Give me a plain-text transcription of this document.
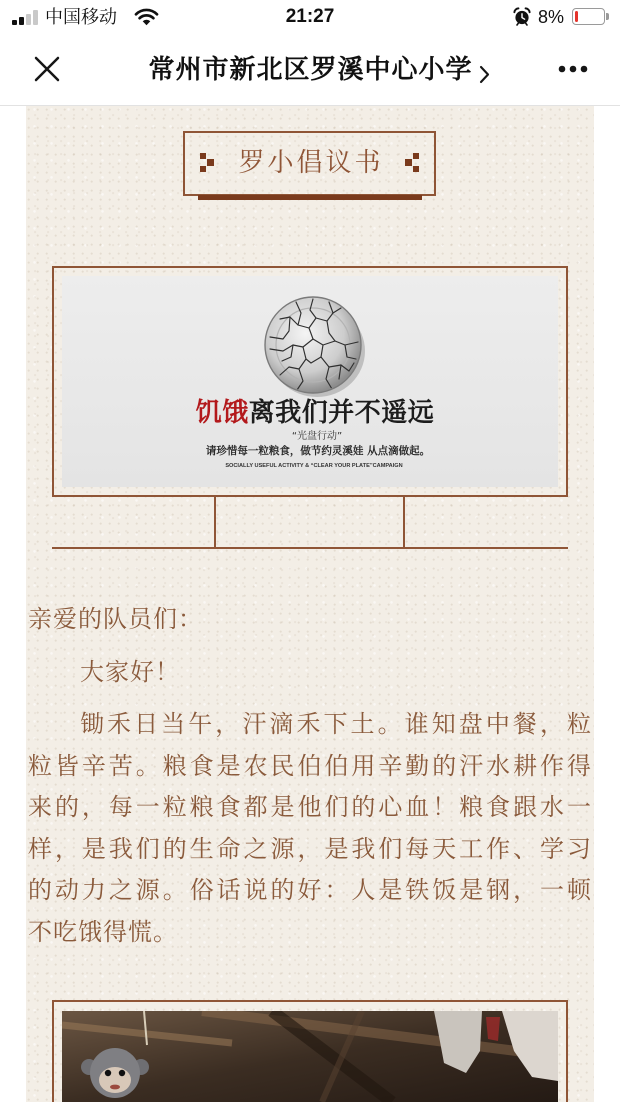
中国移动	21:27	8%
常州市新北区罗溪中心小学
罗小倡议书
饥饿离我们并不遥远
“光盘行动”
请珍惜每一粒粮食，做节约灵溪娃 从点滴做起。
SOCIALLY USEFUL ACTIVITY & “CLEAR YOUR PLATE”CAMPAIGN
亲爱的队员们：
大家好！
锄禾日当午，汗滴禾下土。谁知盘中餐，粒
粒皆辛苦。粮食是农民伯伯用辛勤的汗水耕作得
来的，每一粒粮食都是他们的心血！粮食跟水一
样，是我们的生命之源，是我们每天工作、学习
的动力之源。俗话说的好：人是铁饭是钢，一顿
不吃饿得慌。
